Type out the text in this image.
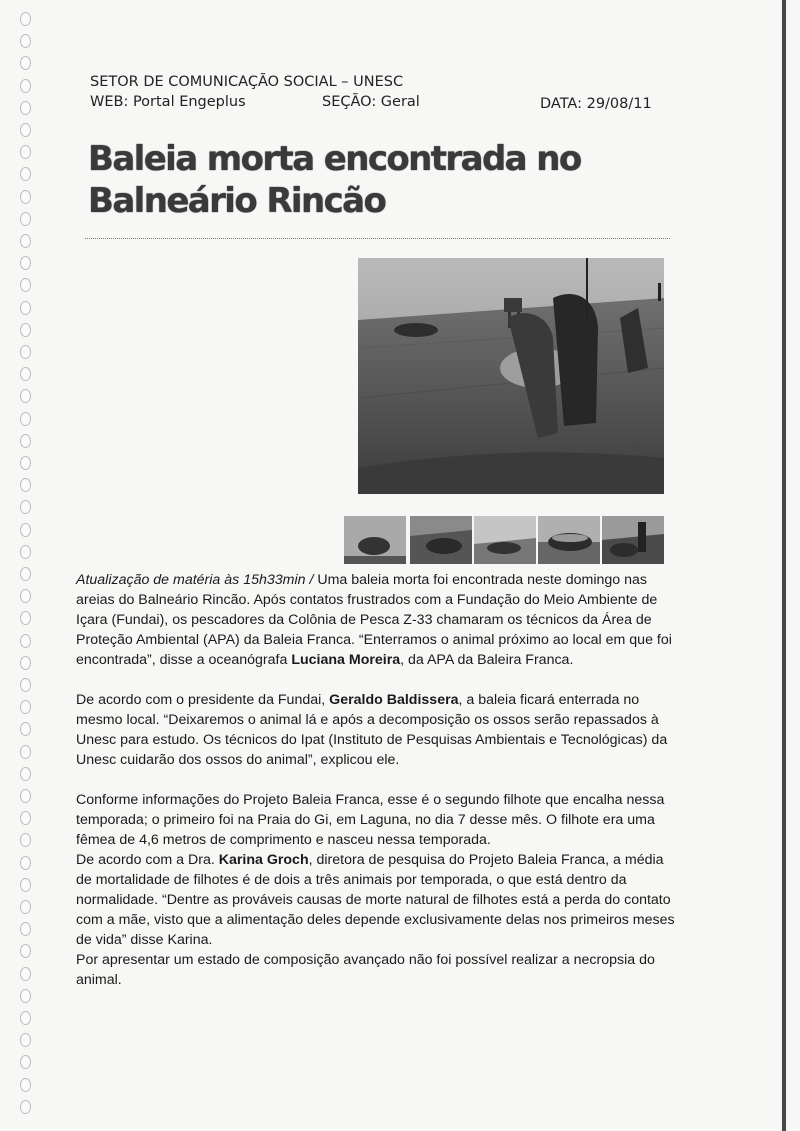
SETOR DE COMUNICAÇÃO SOCIAL – UNESC
WEB: Portal Engeplus	SEÇÃO: Geral	DATA: 29/08/11
Baleia morta encontrada no
Balneário Rincão

Atualização de matéria às 15h33min / Uma baleia morta foi encontrada neste domingo nas areias do Balneário Rincão. Após contatos frustrados com a Fundação do Meio Ambiente de Içara (Fundai), os pescadores da Colônia de Pesca Z-33 chamaram os técnicos da Área de Proteção Ambiental (APA) da Baleia Franca. “Enterramos o animal próximo ao local em que foi encontrada”, disse a oceanógrafa Luciana Moreira, da APA da Baleira Franca.

De acordo com o presidente da Fundai, Geraldo Baldissera, a baleia ficará enterrada no mesmo local. “Deixaremos o animal lá e após a decomposição os ossos serão repassados à Unesc para estudo. Os técnicos do Ipat (Instituto de Pesquisas Ambientais e Tecnológicas) da Unesc cuidarão dos ossos do animal”, explicou ele.

Conforme informações do Projeto Baleia Franca, esse é o segundo filhote que encalha nessa temporada; o primeiro foi na Praia do Gi, em Laguna, no dia 7 desse mês. O filhote era uma fêmea de 4,6 metros de comprimento e nasceu nessa temporada.

De acordo com a Dra. Karina Groch, diretora de pesquisa do Projeto Baleia Franca, a média de mortalidade de filhotes é de dois a três animais por temporada, o que está dentro da normalidade. “Dentre as prováveis causas de morte natural de filhotes está a perda do contato com a mãe, visto que a alimentação deles depende exclusivamente delas nos primeiros meses de vida” disse Karina.

Por apresentar um estado de composição avançado não foi possível realizar a necropsia do animal.
